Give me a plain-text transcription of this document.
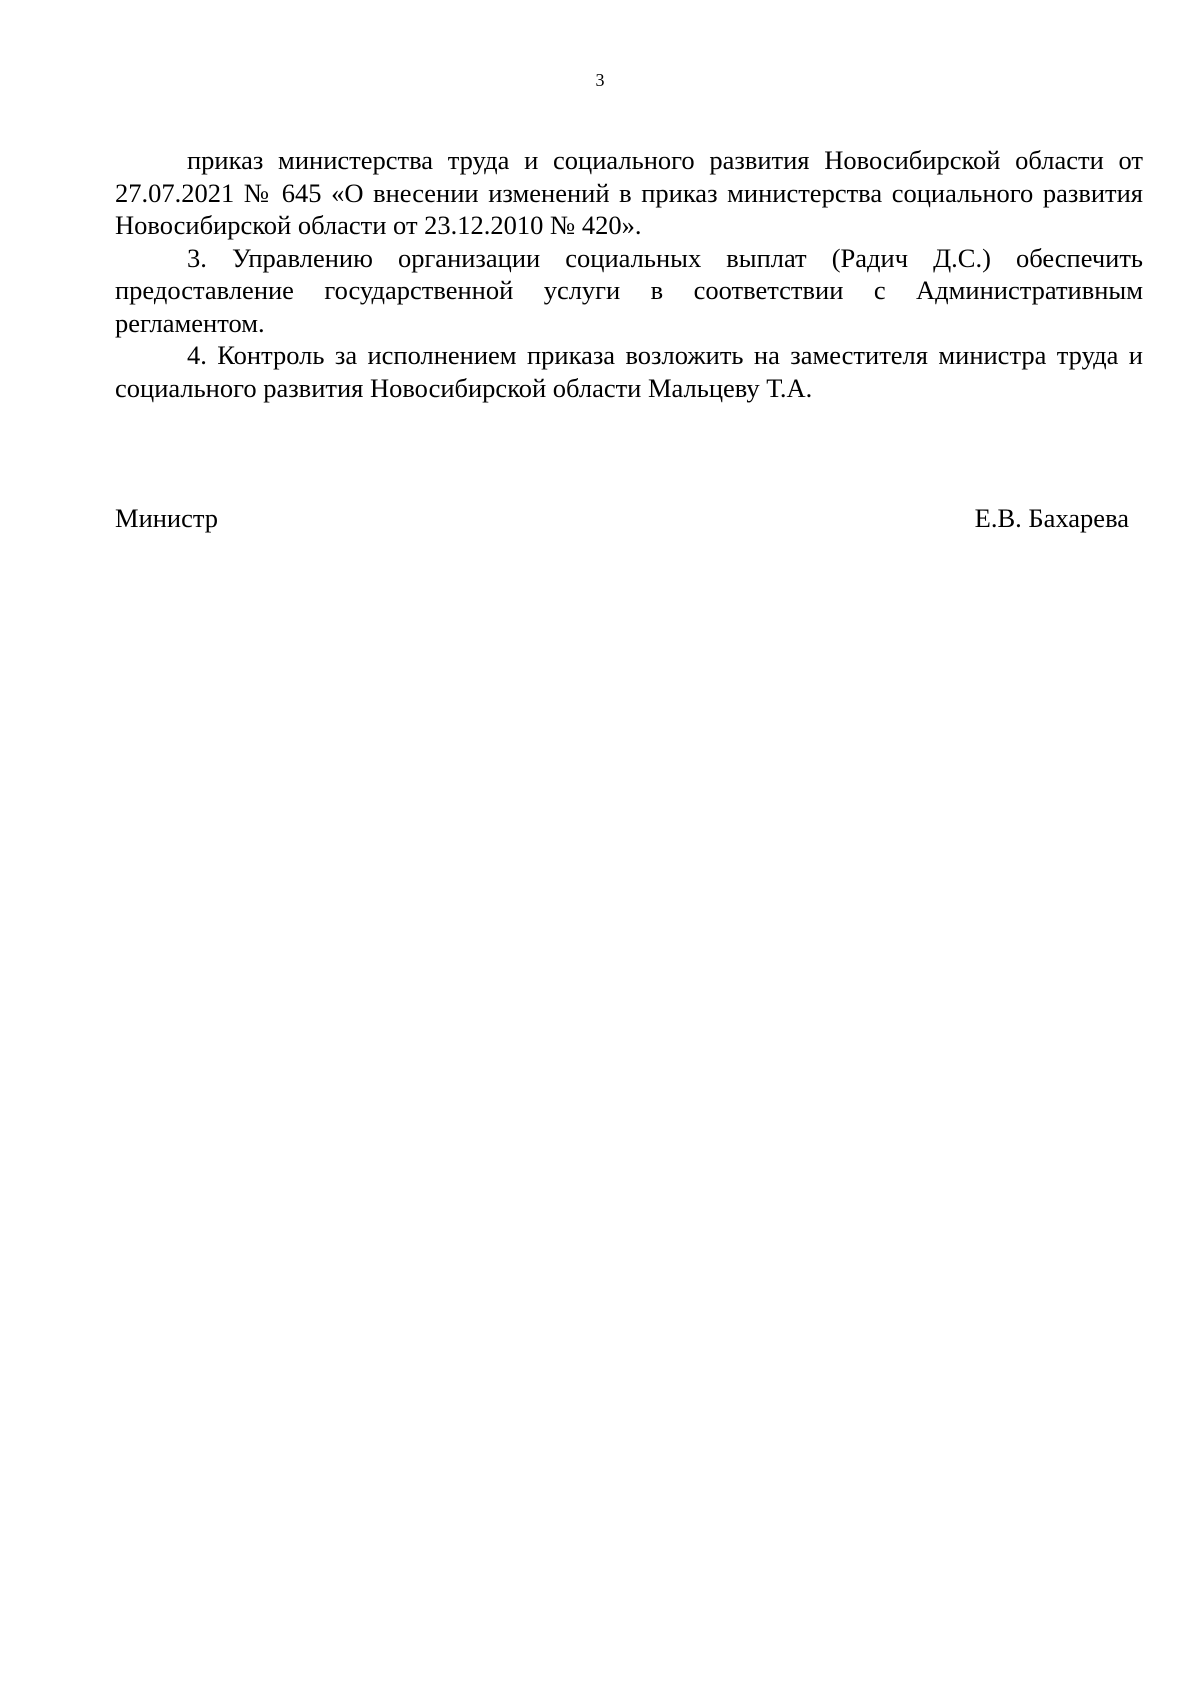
3

приказ министерства труда и социального развития Новосибирской области от 27.07.2021 № 645 «О внесении изменений в приказ министерства социального развития Новосибирской области от 23.12.2010 № 420».

3. Управлению организации социальных выплат (Радич Д.С.) обеспечить предоставление государственной услуги в соответствии с Административным регламентом.

4. Контроль за исполнением приказа возложить на заместителя министра труда и социального развития Новосибирской области Мальцеву Т.А.

Министр	Е.В. Бахарева
